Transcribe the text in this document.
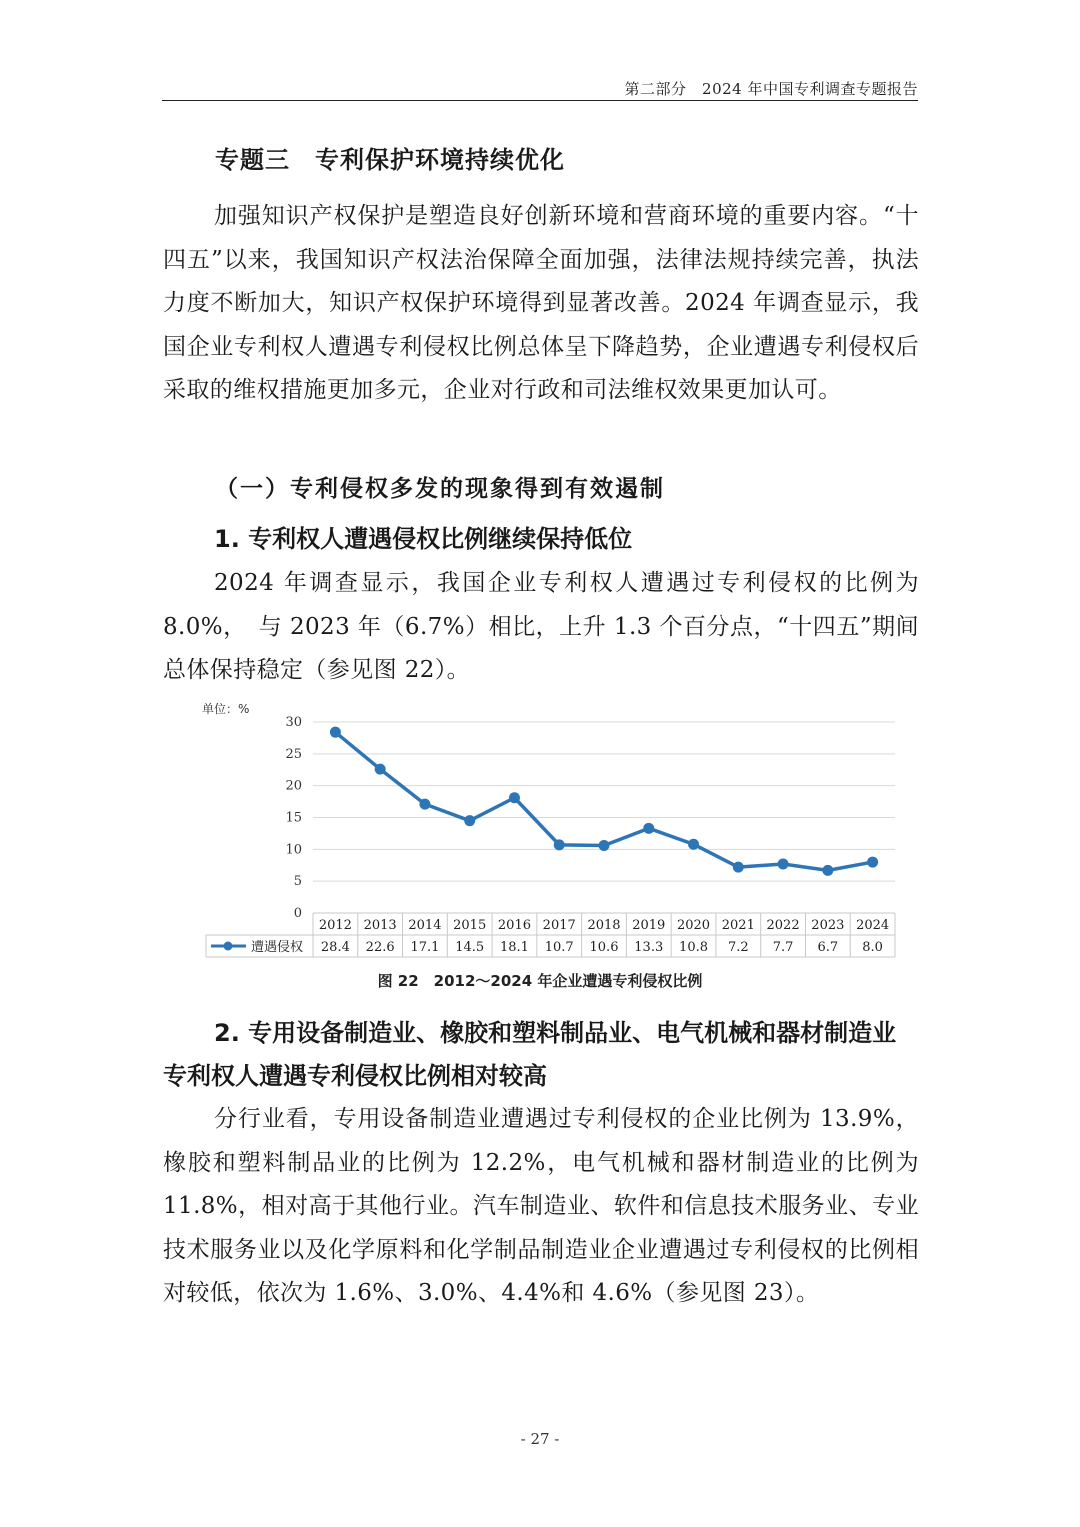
第二部分　2024 年中国专利调查专题报告
专题三　专利保护环境持续优化

加强知识产权保护是塑造良好创新环境和营商环境的重要内容。“十四五”以来，我国知识产权法治保障全面加强，法律法规持续完善，执法力度不断加大，知识产权保护环境得到显著改善。2024 年调查显示，我国企业专利权人遭遇专利侵权比例总体呈下降趋势，企业遭遇专利侵权后采取的维权措施更加多元，企业对行政和司法维权效果更加认可。

（一）专利侵权多发的现象得到有效遏制

1. 专利权人遭遇侵权比例继续保持低位

2024 年调查显示，我国企业专利权人遭遇过专利侵权的比例为 8.0%，　与 2023 年（6.7%）相比，上升 1.3 个百分点，“十四五”期间总体保持稳定（参见图 22）。

单位：%
30
25
20
15
10
5
0
2012
28.4
2013
22.6
2014
17.1
2015
14.5
2016
18.1
2017
10.7
2018
10.6
2019
13.3
2020
10.8
2021
7.2
2022
7.7
2023
6.7
2024
8.0
遭遇侵权
图 22　2012～2024 年企业遭遇专利侵权比例

2. 专用设备制造业、橡胶和塑料制品业、电气机械和器材制造业专利权人遭遇专利侵权比例相对较高

分行业看，专用设备制造业遭遇过专利侵权的企业比例为 13.9%，橡胶和塑料制品业的比例为 12.2%，电气机械和器材制造业的比例为 11.8%，相对高于其他行业。汽车制造业、软件和信息技术服务业、专业技术服务业以及化学原料和化学制品制造业企业遭遇过专利侵权的比例相对较低，依次为 1.6%、3.0%、4.4%和 4.6%（参见图 23）。

- 27 -
